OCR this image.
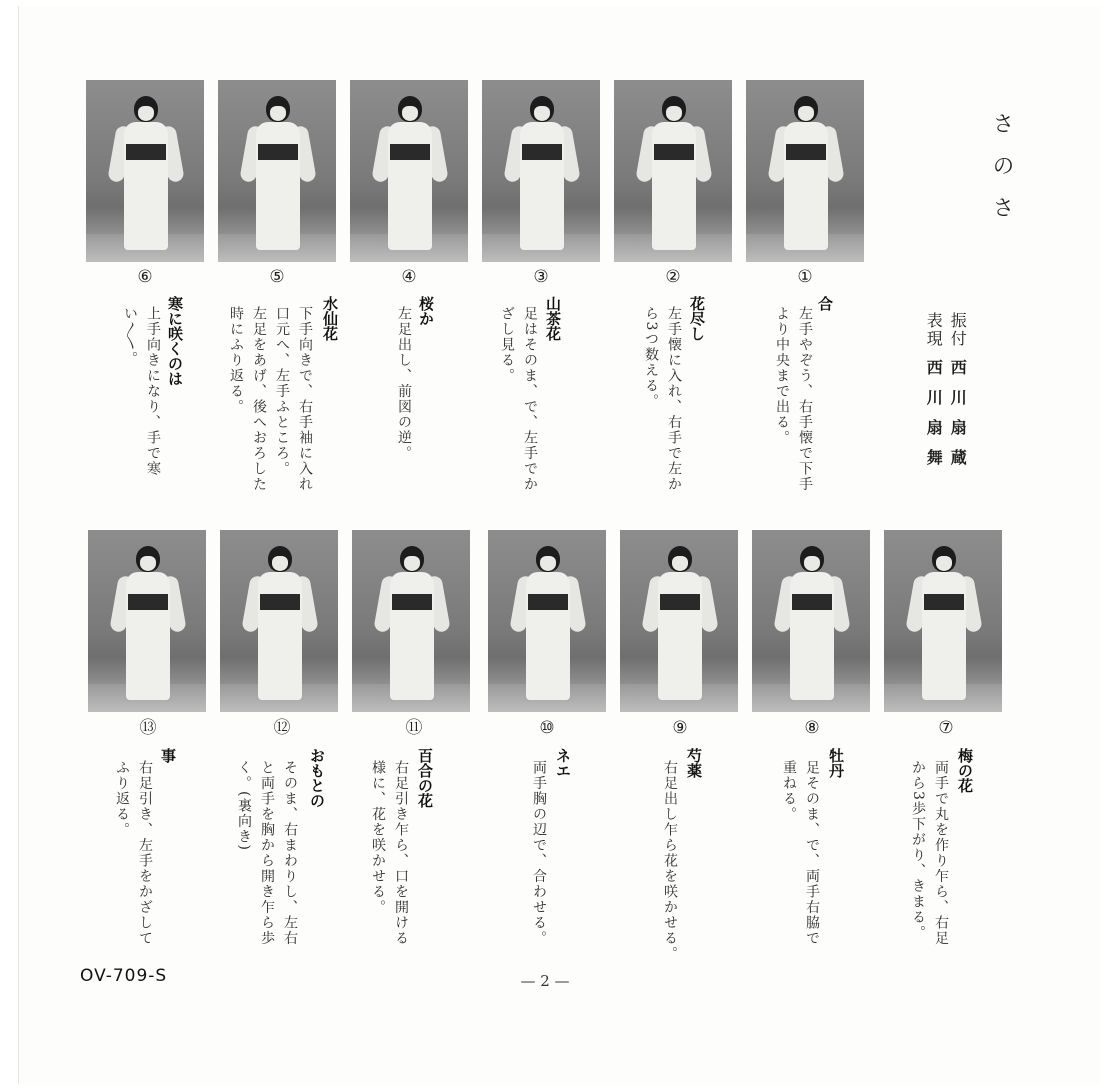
さのさ
振付 西川扇蔵
表現 西川扇舞
①
②
③
④
⑤
⑥
合
左手やぞう、右手懐で下手
より中央まで出る。
花尽し
左手懐に入れ、右手で左か
ら3つ数える。
山茶花
足はそのま、で、左手でか
ざし見る。
桜か
左足出し、前図の逆。
水仙花
下手向きで、右手袖に入れ
口元へ、左手ふところ。
左足をあげ、後へおろした
時にふり返る。
寒に咲くのは
上手向きになり、手で寒
い〳〵。
⑦
⑧
⑨
⑩
⑪
⑫
⑬
梅の花
両手で丸を作り乍ら、右足
から3歩下がり、きまる。
牡丹
足そのま、で、両手右脇で
重ねる。
芍薬
右足出し乍ら花を咲かせる。
ネエ
両手胸の辺で、合わせる。
百合の花
右足引き乍ら、口を開ける
様に、花を咲かせる。
おもとの
そのま、右まわりし、左右
と両手を胸から開き乍ら歩
く。(裏向き)
事
右足引き、左手をかざして
ふり返る。
— 2 —
OV-709-S
